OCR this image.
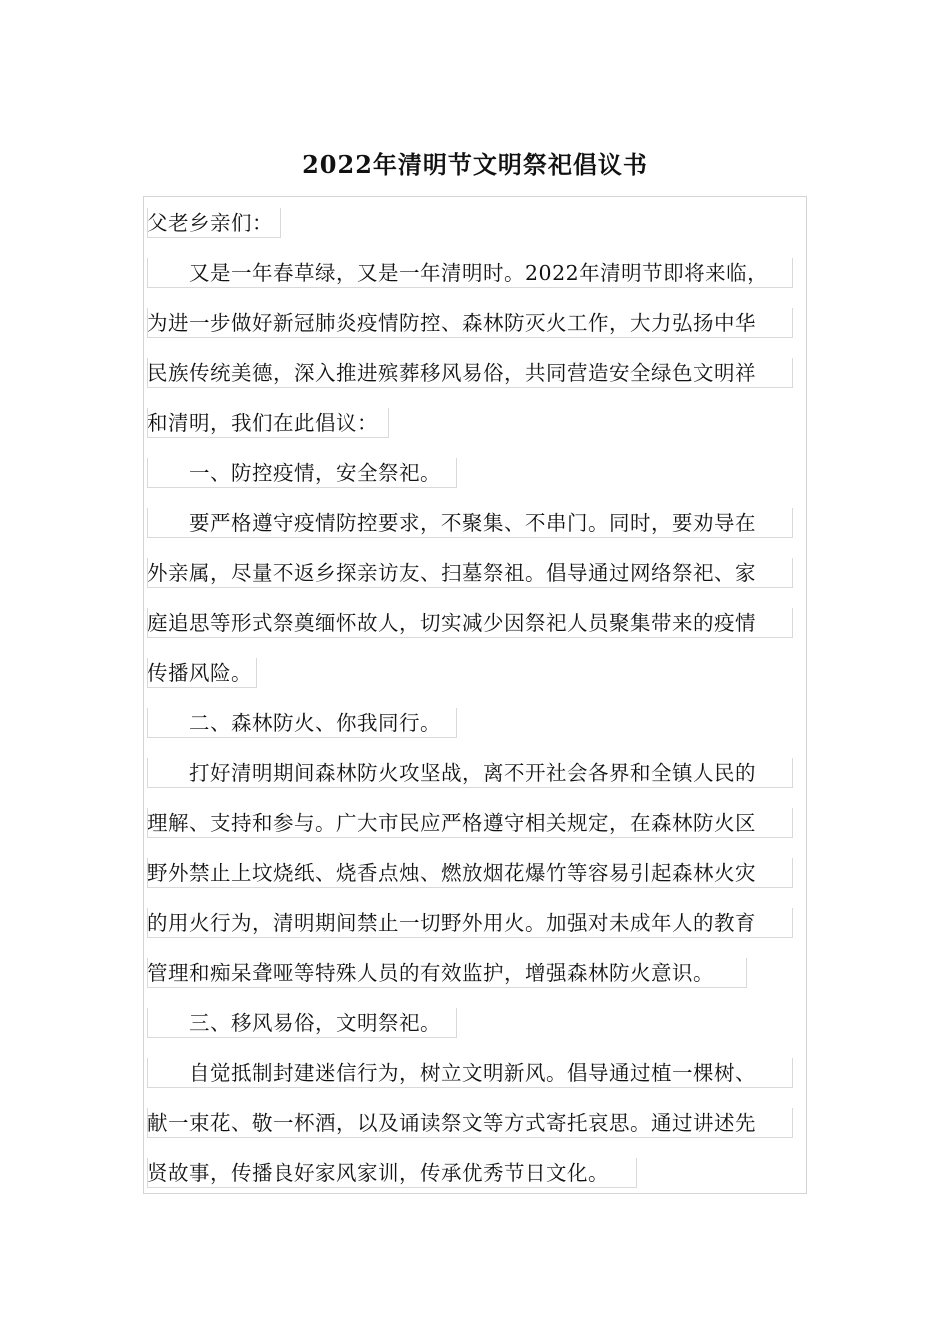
2022年清明节文明祭祀倡议书
父老乡亲们：
又是一年春草绿，又是一年清明时。2022年清明节即将来临，
为进一步做好新冠肺炎疫情防控、森林防灭火工作，大力弘扬中华
民族传统美德，深入推进殡葬移风易俗，共同营造安全绿色文明祥
和清明，我们在此倡议：
一、防控疫情，安全祭祀。
要严格遵守疫情防控要求，不聚集、不串门。同时，要劝导在
外亲属，尽量不返乡探亲访友、扫墓祭祖。倡导通过网络祭祀、家
庭追思等形式祭奠缅怀故人，切实减少因祭祀人员聚集带来的疫情
传播风险。
二、森林防火、你我同行。
打好清明期间森林防火攻坚战，离不开社会各界和全镇人民的
理解、支持和参与。广大市民应严格遵守相关规定，在森林防火区
野外禁止上坟烧纸、烧香点烛、燃放烟花爆竹等容易引起森林火灾
的用火行为，清明期间禁止一切野外用火。加强对未成年人的教育
管理和痴呆聋哑等特殊人员的有效监护，增强森林防火意识。
三、移风易俗，文明祭祀。
自觉抵制封建迷信行为，树立文明新风。倡导通过植一棵树、
献一束花、敬一杯酒，以及诵读祭文等方式寄托哀思。通过讲述先
贤故事，传播良好家风家训，传承优秀节日文化。
